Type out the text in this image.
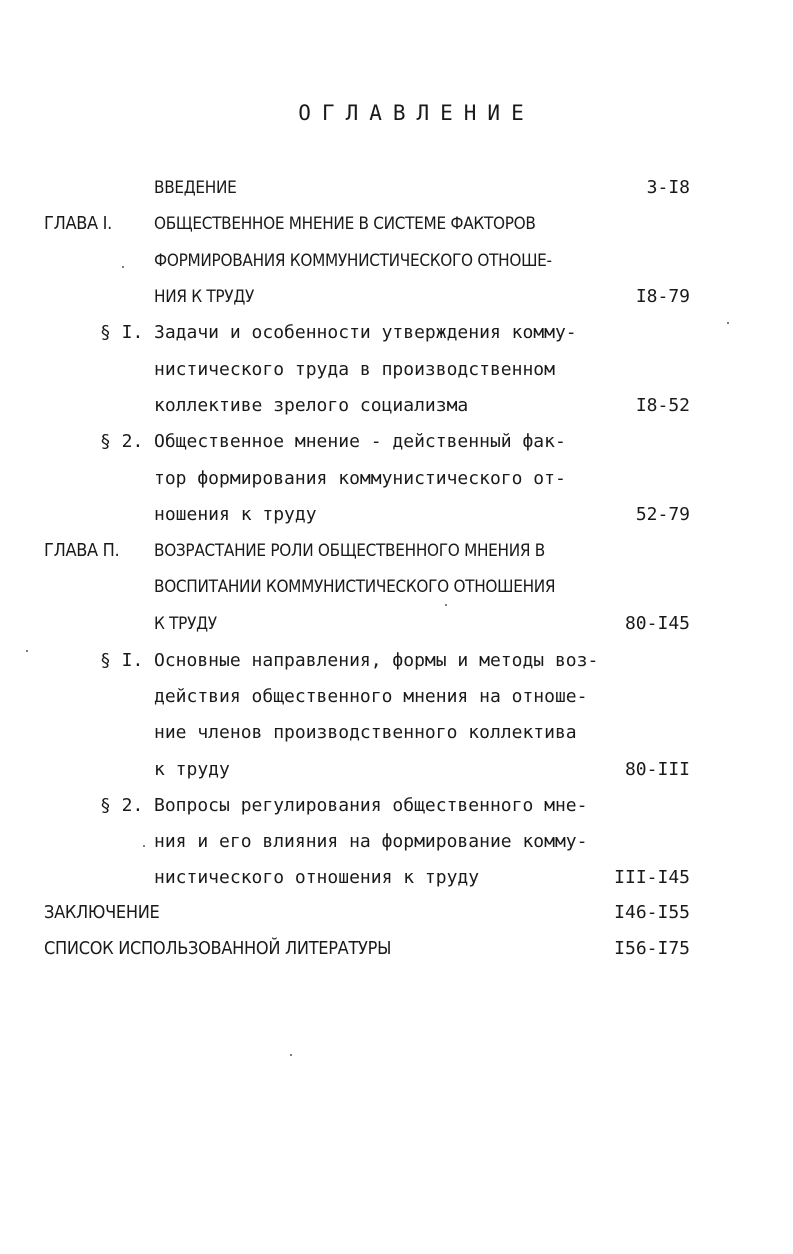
ОГЛАВЛЕНИЕ
ВВЕДЕНИЕ	3-I8
ГЛАВА I. ОБЩЕСТВЕННОЕ МНЕНИЕ В СИСТЕМЕ ФАКТОРОВ
ФОРМИРОВАНИЯ КОММУНИСТИЧЕСКОГО ОТНОШЕ-
НИЯ К ТРУДУ	I8-79
§ I. Задачи и особенности утверждения комму-
нистического труда в производственном
коллективе зрелого социализма	I8-52
§ 2. Общественное мнение - действенный фак-
тор формирования коммунистического от-
ношения к труду	52-79
ГЛАВА П. ВОЗРАСТАНИЕ РОЛИ ОБЩЕСТВЕННОГО МНЕНИЯ В
ВОСПИТАНИИ КОММУНИСТИЧЕСКОГО ОТНОШЕНИЯ
К ТРУДУ	80-I45
§ I. Основные направления, формы и методы воз-
действия общественного мнения на отноше-
ние членов производственного коллектива
к труду	80-III
§ 2. Вопросы регулирования общественного мне-
ния и его влияния на формирование комму-
нистического отношения к труду	III-I45
ЗАКЛЮЧЕНИЕ	I46-I55
СПИСОК ИСПОЛЬЗОВАННОЙ ЛИТЕРАТУРЫ	I56-I75
